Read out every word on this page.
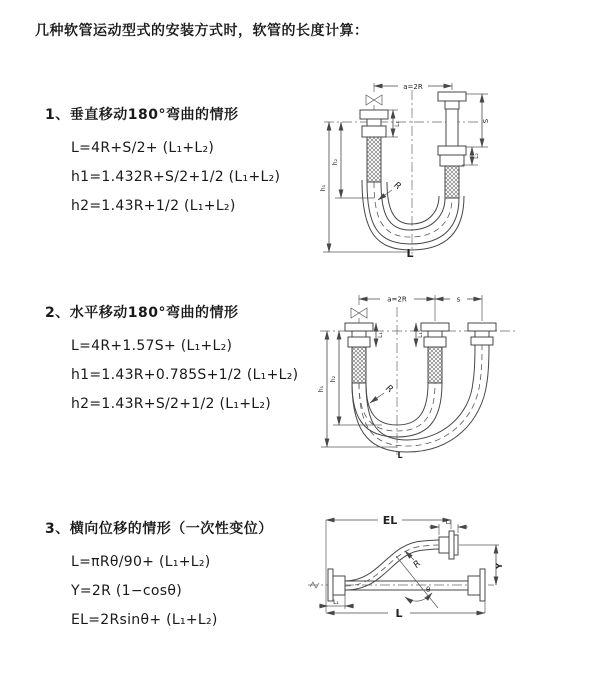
几种软管运动型式的安装方式时，软管的长度计算：
1、垂直移动180°弯曲的情形
L=4R+S/2+ (L₁+L₂)
h1=1.432R+S/2+1/2 (L₁+L₂)
h2=1.43R+1/2 (L₁+L₂)
a=2R
S
L₂
L₁
h₁
h₂
R
L
2、水平移动180°弯曲的情形
L=4R+1.57S+ (L₁+L₂)
h1=1.43R+0.785S+1/2 (L₁+L₂)
h2=1.43R+S/2+1/2 (L₁+L₂)
a=2R	s
L₁	L₁
h₁
h₂
R
L
3、横向位移的情形（一次性变位）
L=πRθ/90+ (L₁+L₂)
Y=2R (1−cosθ)
EL=2Rsinθ+ (L₁+L₂)
θ
R
EL	L₂
Y
L
L₁
